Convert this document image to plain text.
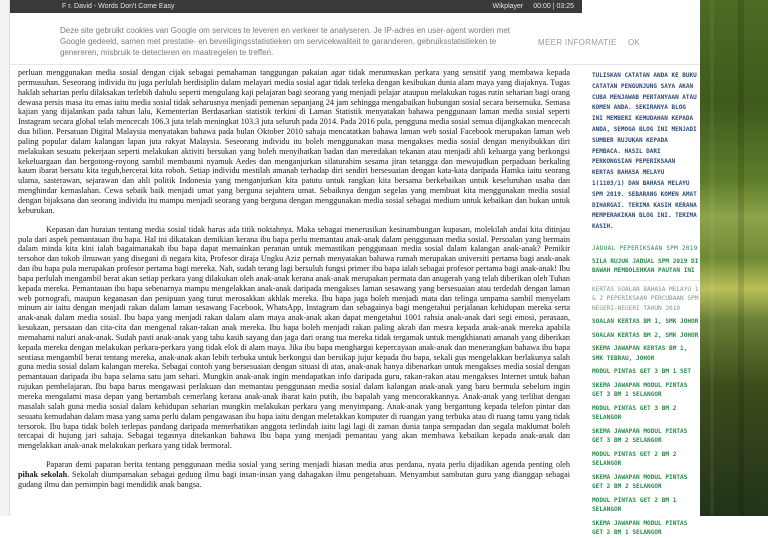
F r. David - Words Don't Come Easy	Wikplayer 00:00 | 03:25
Deze site gebruikt cookies van Google om services te leveren en verkeer te analyseren. Je IP-adres en user-agent worden met Google gedeeld, samen met prestatie- en beveiligingsstatistieken om servicekwaliteit te garanderen, gebruiksstatistieken te genereren, misbruik te detecteren en maatregelen te treffen.
MEER INFORMATIE OK

perluan menggunakan media sosial dengan cijak sebagai pemahaman tanggungan pakaian agar tidak merumuskan perkara yang sensitif yang membawa kepada permusuhan. Seseorang individu itu juga perlulah berdisiplin dalam melayari media sosial agar tidak terleka dengan kesibukan dunia alam maya yang diajaknya. Tugas haklah seharian perlu dilaksakan terlebih dahulu seperti mengulang kaji pelajaran bagi seorang yang menjadi pelajar ataupun melakukan tugas rutin seharian bagi orang dewasa persis masa itu emas iaitu media sosial tidak seharusnya menjadi pemenan sepanjang 24 jam sehingga mengabaikan hubungan sosial secara bersemuka. Semasa kajian yang dijalankan pada tahun lalu, Kementerian Berdasarkan statistik terkini di Laman Statistik menyatakan bahawa penggunaan laman media sosial seperti Instagram secara global telah mencecah 106.3 juta telah meningkat 103.3 juta seluruh pada 2014. Pada 2016 pula, pengguna media sosial semua dijangkakan mencecah dua bilion. Persatuan Digital Malaysia menyatakan bahawa pada bulan Oktober 2010 sahaja mencatatkan bahawa laman web sosial Facebook merupakan laman web paling popular dalam kalangan lapan juta rakyat Malaysia. Seseorang individu itu boleh menggunakan masa mengakses media sosial dengan menyibukkan diri melakukan sesuatu pekerjaan seperti melakukan aktiviti bersukan yang boleh menyihatkan badan dan meredakan tekanan atau menjadi ahli keluarga yang berkongsi kekeluargaan dan bergotong-royong sambil membasmi nyamuk Aedes dan menganjurkan silaturahim sesama jiran tetangga dan mewujudkan perpaduan berkaling kaum ibarat bersatu kita teguh,bercerai kita roboh. Setiap individu mestilah amanah terhadap diri sendiri bersesuaian dengan kata-kata daripada Hamka iaitu seorang ulama, sasterawan, sejarawan dan ahli politik Indonesia yang menganjurkan kita patutu untuk rangkan kita bersama berkebaikan untuk keseluruhan usaha dan menghindar kemaslahan. Cewa sebaik baik menjadi umat yang berguna sejahtera umat. Sebaiknya dengan segelas yang membuat kita menggunakan media sosial dengan bijaksana dan seorang individu itu mampu menjadi seorang yang berguna dengan menggunakan media sosial sebagai medium untuk kebaikan dan bukan untuk keburukan.

Kepasan dan huraian tentang media sosial tidak harus ada titik noktahnya. Maka sebagai menerusikan kesinambungan kupasan, molekilah andai kita ditinjau pula dari aspek pemantauan ibu bapa. Hal ini dikatakan demikian kerana ibu bapa perlu memantau anak-anak dalam penggunaan media sosial. Persoalan yang bermain dalam minda kita kini ialah bagaimanakah ibu bapa dapat memainkan peranan untuk memastikan penggunaan media sosial dalam kalangan anak-anak? Pemikir tersohor dan tokoh ilmuwan yang disegani di negara kita, Profesor diraja Ungku Aziz pernah menyatakan bahawa rumah merupakan universiti pertama bagi anak-anak dan ibu bapa pula merupakan profesor pertama bagi mereka. Nah, sudah terang lagi bersuluh fungsi primer ibu bapa ialah sebagai profesor pertama bagi anak-anak! Ibu bapa perlulah mengambil berat akan setiap perkara yang dilakukan oleh anak-anak kerana anak-anak merupakan permata dan anugerah yang telah diberikan oleh Tuhan kepada mereka. Pemantauan ibu bapa sebenarnya mampu mengelakkan anak-anak daripada mengakses laman sesawang yang bersesuaian atau terdedah dengan laman web pornografi, maupun keganasan dan penipuan yang turut merosakkan akhlak mereka. Ibu bapa juga boleh menjadi mata dan telinga umpama sambil menyelam minum air iaitu dengan menjadi rakan dalam laman sesawang Facebook, WhatsApp, Instagram dan sebagainya bagi mengetahui perjalanan kehidupan mereka serta anak-anak dalam media sosial. Ibu bapa yang menjadi rakan dalam alam maya anak-anak akan dapat mengetahui 1001 rahsia anak-anak dari segi emosi, perasaan, kesukaan, persaaan dan cita-cita dan mengenal rakan-rakan anak mereka. Ibu bapa boleh menjadi rakan paling akrab dan mesra kepada anak-anak mereka apabila memahami naluri anak-anak. Sudah pasti anak-anak yang tahu kasih sayang dan jaga dari orang tua mereka tidak tergamak untuk mengkhianati amanah yang diberikan kepada mereka dengan melakukan perkara-perkara yang tidak elok di alam maya. Jika ibu bapa menghargai kepercayaan anak-anak dan menerangkan bahawa ibu bapa sentiasa mengambil berat tentang mereka, anak-anak akan lebih terbuka untuk berkongsi dan bersikap jujur kepada ibu bapa, sekali gus mengelakkan berlakunya salah guna media sosial dalam kalangan mereka. Sebagai contoh yang bersesuaian dengan situasi di atas, anak-anak hanya dibenarkan untuk mengakses media sosial dengan pemantauan daripada ibu bapa selama satu jam sehari. Mungkin anak-anak ingin mendapatkan info daripada guru, rakan-rakan atau mengakses Internet untuk bahan rujukan pembelajaran. Ibu bapa harus mengawasi perlakuan dan memantau penggunaan media sosial dalam kalangan anak-anak yang baru bermula sebelum ingin mereka mengalami masa depan yang bertambah cemerlang kerana anak-anak ibarat kain putih, ibu bapalah yang mencorakkannya. Anak-anak yang terlibat dengan masalah salah guna media sosial dalam kehidupan seharian mungkin melakukan perkara yang menyimpang. Anak-anak yang bergantung kepada telefon pintar dan sesuatu kemudahan dalam masa yang sama perlu dalam pengawasan ibu bapa iaitu dengan meletakkan komputer di ruangan yang terbuka atau di ruang tamu yang tidak tersorok. Ibu bapa tidak boleh terlepas pandang daripada memerhatikan anggota terlindah iaitu lagi lagi di zaman dunia tanpa sempadan dan segala maklumat boleh tercapai di hujung jari sahaja. Sebagai tegasnya ditekankan bahawa Ibu bapa yang menjadi pemantau yang akan membawa kebaikan kepada anak-anak dan mengelakkan anak-anak melakukan perkara yang tidak bermoral.

Paparan demi paparan berita tentang penggunaan media sosial yang sering menjadi hiasan media arus perdana, nyata perlu dijadikan agenda penting oleh pihak sekolah. Sekolah diumpamakan sebagai gedung ilmu bagi insan-insan yang dahagakan ilmu pengetahuan. Menyambut sambutan guru yang dianggap sebagai gudang ilmu dan pemimpin bagi mendidik anak bangsa.

TULISKAN CATATAN ANDA KE BUKU CATATAN PENGUNJUNG SAYA AKAN CUBA MENJAWAB PERTANYAAN ATAU KOMEN ANDA. SEKIRANYA BLOG INI MEMBERI KEMUDAHAN KEPADA ANDA, SEMOGA BLOG INI MENJADI SUMBER RUJUKAN KEPADA PEMBACA. HASIL DARI PERKONGSIAN PEPERIKSAAN KERTAS BAHASA MELAYU 1(1103/1) DAN BAHASA MELAYU SPM 2019. SEBARANG KOMEN AMAT DIHARGAI. TERIMA KASIH KERANA MEMPERAKIKAN BLOG INI. TERIMA KASIH.
JADUAL PEPERIKSAAN SPM 2019
SILA RUJUK JADUAL SPM 2019 DI BAWAH MEMBOLEHKAN PAUTAN INI
KERTAS SOALAN BAHASA MELAYU 1 & 2 PEPERIKSAAN PERCUBAAN SPM NEGERI-NEGERI TAHUN 2019
SOALAN KERTAS BM 1, SMK JOHOR
SOALAN KERTAS BM 2, SMK JOHOR
SKEMA JAWAPAN KERTAS BM 1, SMK TEBRAU, JOHOR
MODUL PINTAS GET 3 BM 1 SET
SKEMA JAWAPAN MODUL PINTAS GET 3 BM 1 SELANGOR
MODUL PINTAS GET 3 BM 2 SELANGOR
SKEMA JAWAPAN MODUL PINTAS GET 3 BM 2 SELANGOR
MODUL PINTAS GET 2 BM 2 SELANGOR
SKEMA JAWAPAN MODUL PINTAS GET 2 BM 2 SELANGOR
MODUL PINTAS GET 2 BM 1 SELANGOR
SKEMA JAWAPAN MODUL PINTAS GET 2 BM 1 SELANGOR
